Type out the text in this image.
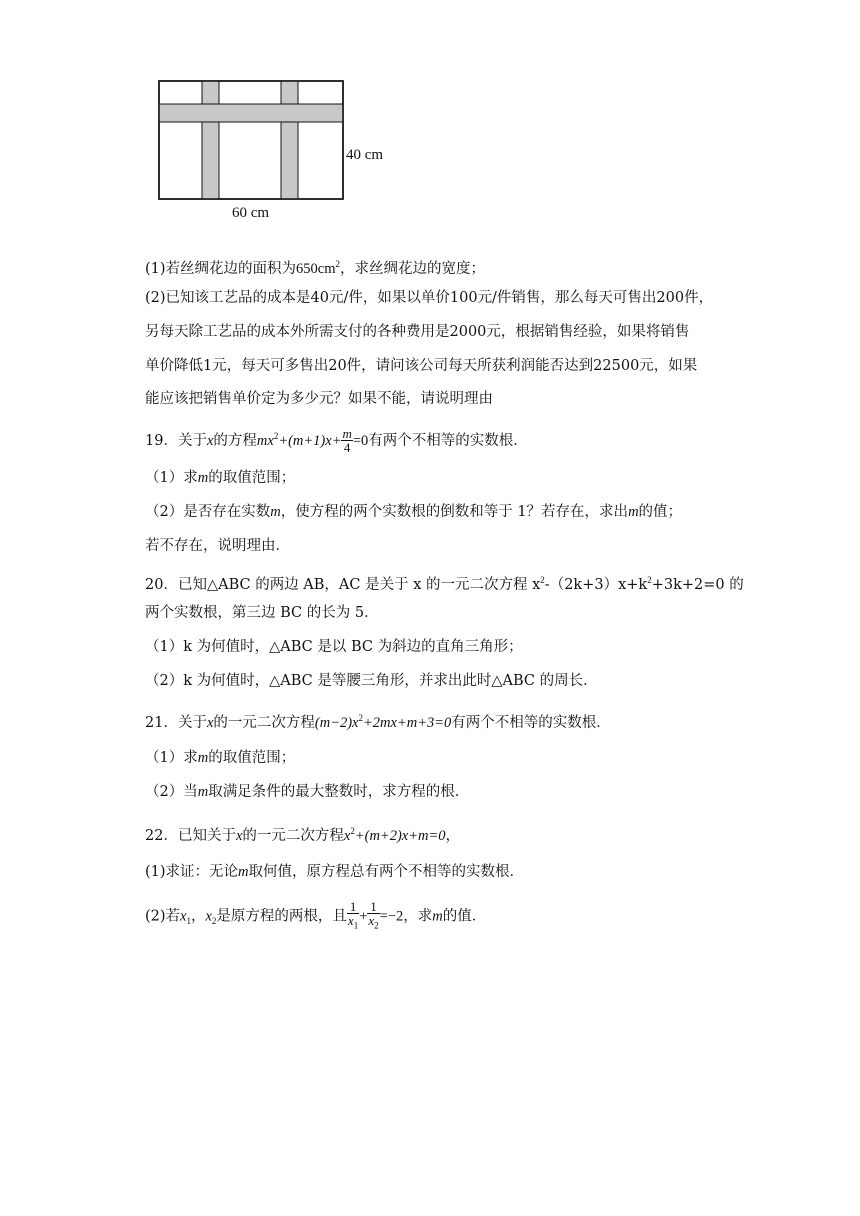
60 cm
40 cm
(1)若丝绸花边的面积为$650cm^2$，求丝绸花边的宽度；
(2)已知该工艺品的成本是40元/件，如果以单价100元/件销售，那么每天可售出200件，
另每天除工艺品的成本外所需支付的各种费用是2000元，根据销售经验，如果将销售
单价降低1元，每天可多售出20件，请问该公司每天所获利润能否达到22500元，如果
能应该把销售单价定为多少元？如果不能，请说明理由
19．关于x的方程$mx^2+(m+1)x+ \frac{m}{4} =0$有两个不相等的实数根．
（1）求m的取值范围；
（2）是否存在实数m，使方程的两个实数根的倒数和等于 1？若存在，求出m的值；
若不存在，说明理由．
20．已知△ABC 的两边 AB，AC 是关于 x 的一元二次方程 $x^2-(2k+3)x+k^2+3k+2=0$ 的
两个实数根，第三边 BC 的长为 5．
（1）k 为何值时，△ABC 是以 BC 为斜边的直角三角形；
（2）k 为何值时，△ABC 是等腰三角形，并求出此时△ABC 的周长．
21．关于x的一元二次方程$(m-2)x^2+2mx+m+3=0$有两个不相等的实数根．
（1）求m的取值范围；
（2）当m取满足条件的最大整数时，求方程的根．
22．已知关于x的一元二次方程$x^2+(m+2)x+m=0$，
(1)求证：无论m取何值，原方程总有两个不相等的实数根．
(2)若$x_1$，$x_2$是原方程的两根，且 $\frac{1}{x_1} + \frac{1}{x_2} =-2$，求m的值．
